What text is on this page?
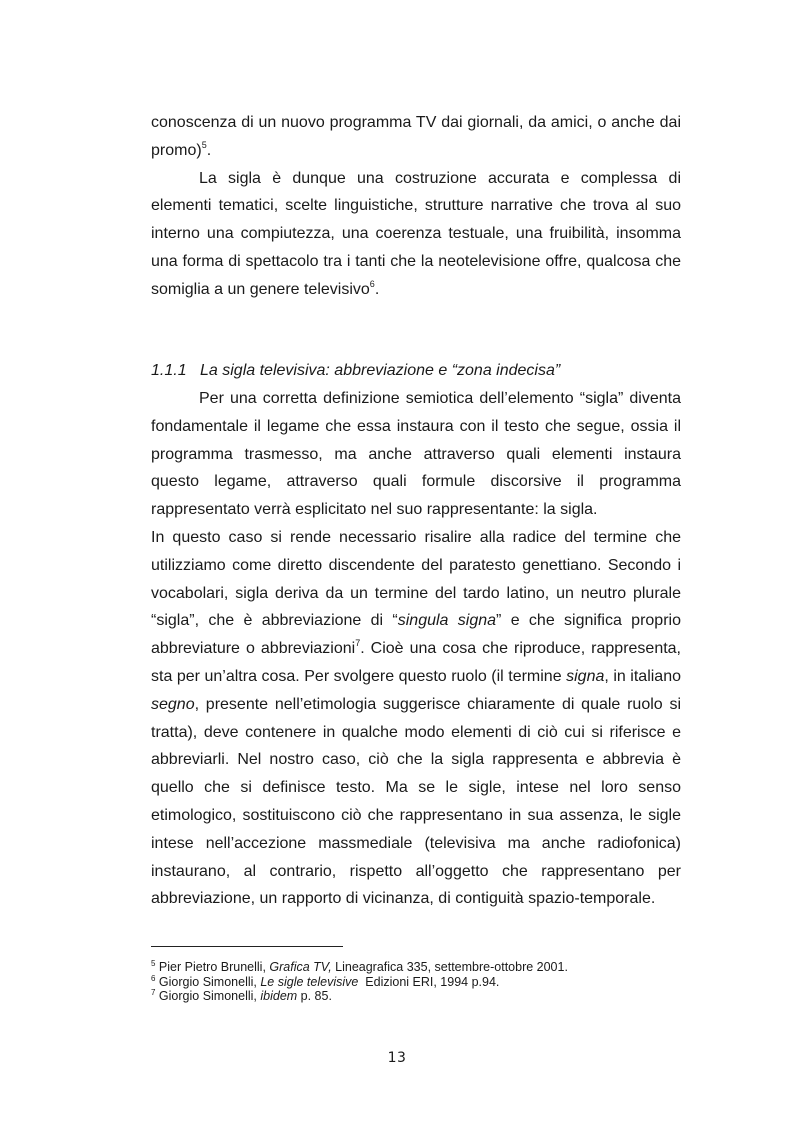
conoscenza di un nuovo programma TV dai giornali, da amici, o anche dai promo)$^5$.

La sigla è dunque una costruzione accurata e complessa di elementi tematici, scelte linguistiche, strutture narrative che trova al suo interno una compiutezza, una coerenza testuale, una fruibilità, insomma una forma di spettacolo tra i tanti che la neotelevisione offre, qualcosa che somiglia a un genere televisivo$^6$.

1.1.1 La sigla televisiva: abbreviazione e “zona indecisa”

Per una corretta definizione semiotica dell’elemento “sigla” diventa fondamentale il legame che essa instaura con il testo che segue, ossia il programma trasmesso, ma anche attraverso quali elementi instaura questo legame, attraverso quali formule discorsive il programma rappresentato verrà esplicitato nel suo rappresentante: la sigla.

In questo caso si rende necessario risalire alla radice del termine che utilizziamo come diretto discendente del paratesto genettiano. Secondo i vocabolari, sigla deriva da un termine del tardo latino, un neutro plurale “sigla”, che è abbreviazione di “singula signa” e che significa proprio abbreviature o abbreviazioni$^7$. Cioè una cosa che riproduce, rappresenta, sta per un’altra cosa. Per svolgere questo ruolo (il termine signa, in italiano segno, presente nell’etimologia suggerisce chiaramente di quale ruolo si tratta), deve contenere in qualche modo elementi di ciò cui si riferisce e abbreviarli. Nel nostro caso, ciò che la sigla rappresenta e abbrevia è quello che si definisce testo. Ma se le sigle, intese nel loro senso etimologico, sostituiscono ciò che rappresentano in sua assenza, le sigle intese nell’accezione massmediale (televisiva ma anche radiofonica) instaurano, al contrario, rispetto all’oggetto che rappresentano per abbreviazione, un rapporto di vicinanza, di contiguità spazio-temporale.

$^5$ Pier Pietro Brunelli, Grafica TV, Lineagrafica 335, settembre-ottobre 2001.
$^6$ Giorgio Simonelli, Le sigle televisive  Edizioni ERI, 1994 p.94.
$^7$ Giorgio Simonelli, ibidem p. 85.
13
